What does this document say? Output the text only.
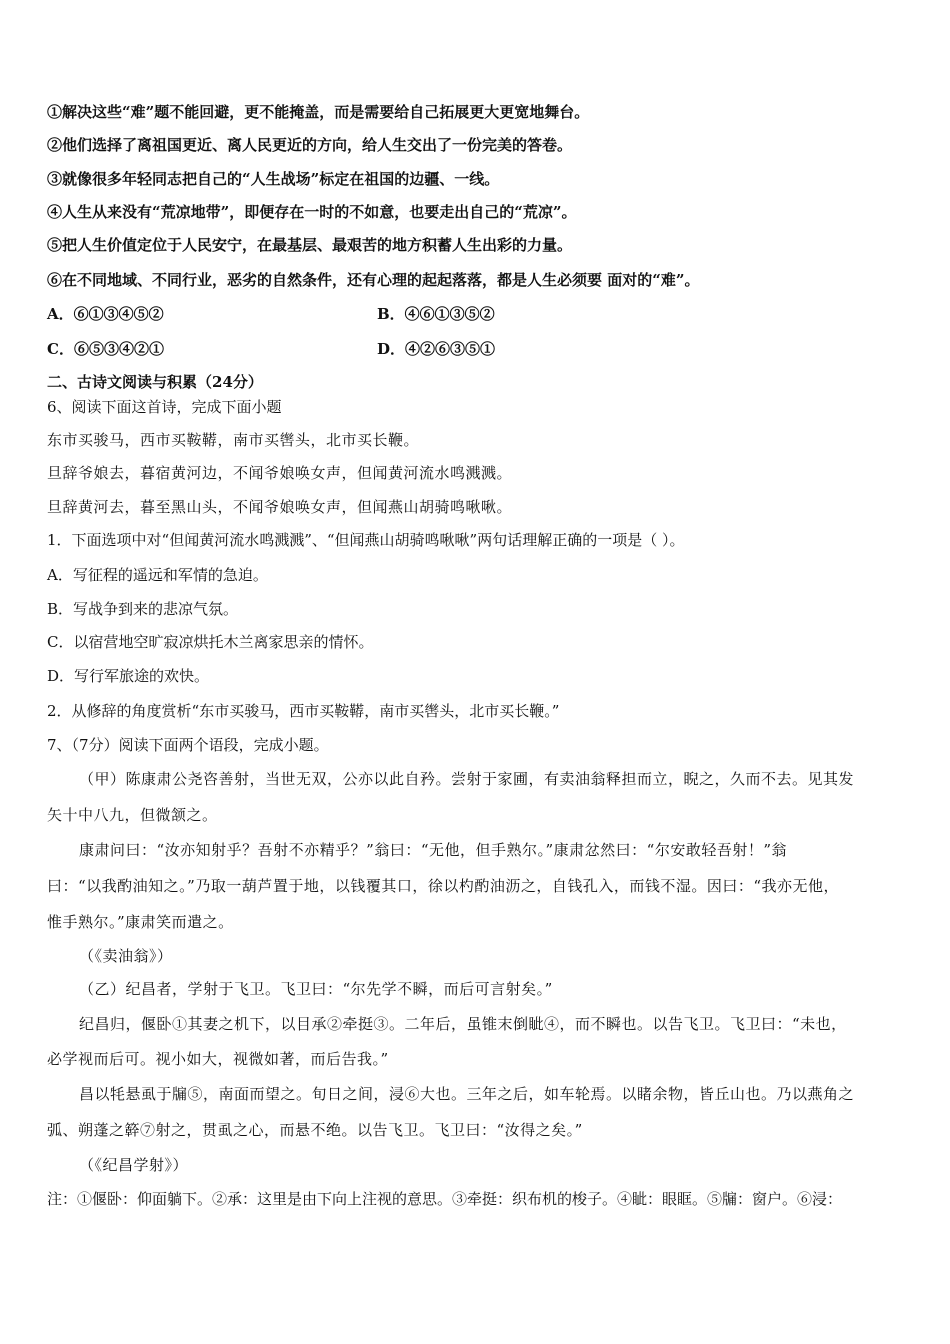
①解决这些“难”题不能回避，更不能掩盖，而是需要给自己拓展更大更宽地舞台。
②他们选择了离祖国更近、离人民更近的方向，给人生交出了一份完美的答卷。
③就像很多年轻同志把自己的“人生战场”标定在祖国的边疆、一线。
④人生从来没有“荒凉地带”，即便存在一时的不如意，也要走出自己的“荒凉”。
⑤把人生价值定位于人民安宁，在最基层、最艰苦的地方积蓄人生出彩的力量。
⑥在不同地域、不同行业，恶劣的自然条件，还有心理的起起落落，都是人生必须要 面对的“难”。
A．⑥①③④⑤②	B．④⑥①③⑤②
C．⑥⑤③④②①	D．④②⑥③⑤①
二、古诗文阅读与积累（24分）
6、阅读下面这首诗，完成下面小题
东市买骏马，西市买鞍鞯，南市买辔头，北市买长鞭。
旦辞爷娘去，暮宿黄河边，不闻爷娘唤女声，但闻黄河流水鸣溅溅。
旦辞黄河去，暮至黑山头，不闻爷娘唤女声，但闻燕山胡骑鸣啾啾。
1．下面选项中对“但闻黄河流水鸣溅溅”、“但闻燕山胡骑鸣啾啾”两句话理解正确的一项是（ ）。
A．写征程的遥远和军情的急迫。
B．写战争到来的悲凉气氛。
C．以宿营地空旷寂凉烘托木兰离家思亲的情怀。
D．写行军旅途的欢快。
2．从修辞的角度赏析“东市买骏马，西市买鞍鞯，南市买辔头，北市买长鞭。”
7、（7分）阅读下面两个语段，完成小题。
（甲）陈康肃公尧咨善射，当世无双，公亦以此自矜。尝射于家圃，有卖油翁释担而立，睨之，久而不去。见其发
矢十中八九，但微颔之。
康肃问曰：“汝亦知射乎？吾射不亦精乎？”翁曰：“无他，但手熟尔。”康肃忿然曰：“尔安敢轻吾射！”翁
曰：“以我酌油知之。”乃取一葫芦置于地，以钱覆其口，徐以杓酌油沥之，自钱孔入，而钱不湿。因曰：“我亦无他，
惟手熟尔。”康肃笑而遣之。
（《卖油翁》）
（乙）纪昌者，学射于飞卫。飞卫曰：“尔先学不瞬，而后可言射矣。”
纪昌归，偃卧①其妻之机下，以目承②牵挺③。二年后，虽锥末倒眦④，而不瞬也。以告飞卫。飞卫曰：“未也，
必学视而后可。视小如大，视微如著，而后告我。”
昌以牦悬虱于牖⑤，南面而望之。旬日之间，浸⑥大也。三年之后，如车轮焉。以睹余物，皆丘山也。乃以燕角之
弧、朔蓬之簳⑦射之，贯虱之心，而悬不绝。以告飞卫。飞卫曰：“汝得之矣。”
（《纪昌学射》）
注：①偃卧：仰面躺下。②承：这里是由下向上注视的意思。③牵挺：织布机的梭子。④眦：眼眶。⑤牖：窗户。⑥浸：
